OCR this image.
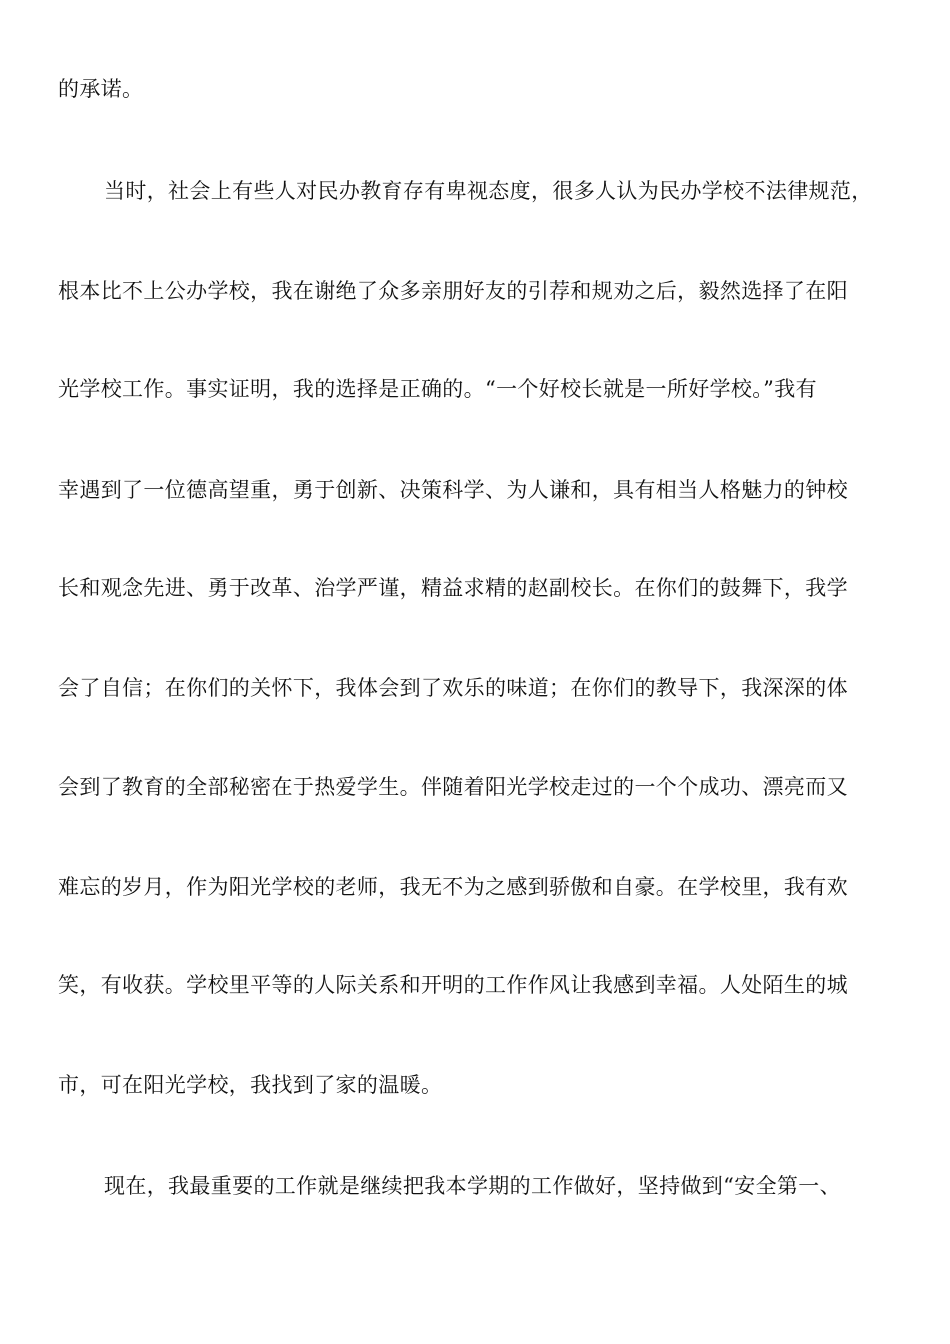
的承诺。
当时，社会上有些人对民办教育存有卑视态度，很多人认为民办学校不法律规范，
根本比不上公办学校，我在谢绝了众多亲朋好友的引荐和规劝之后，毅然选择了在阳
光学校工作。事实证明，我的选择是正确的。“一个好校长就是一所好学校。”我有
幸遇到了一位德高望重，勇于创新、决策科学、为人谦和，具有相当人格魅力的钟校
长和观念先进、勇于改革、治学严谨，精益求精的赵副校长。在你们的鼓舞下，我学
会了自信；在你们的关怀下，我体会到了欢乐的味道；在你们的教导下，我深深的体
会到了教育的全部秘密在于热爱学生。伴随着阳光学校走过的一个个成功、漂亮而又
难忘的岁月，作为阳光学校的老师，我无不为之感到骄傲和自豪。在学校里，我有欢
笑，有收获。学校里平等的人际关系和开明的工作作风让我感到幸福。人处陌生的城
市，可在阳光学校，我找到了家的温暖。
现在，我最重要的工作就是继续把我本学期的工作做好，坚持做到“安全第一、
